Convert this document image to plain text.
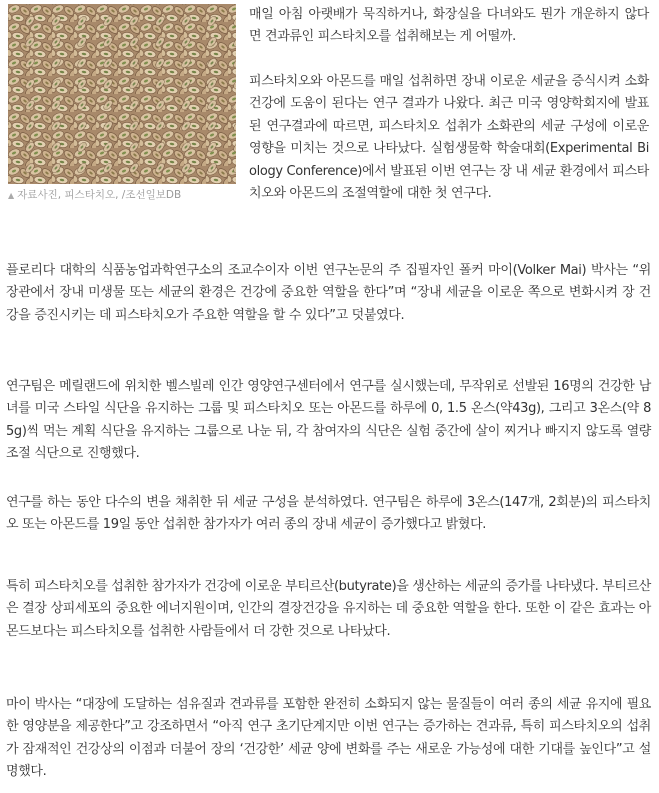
▲ 자료사진, 피스타치오, /조선일보DB

매일 아침 아랫배가 묵직하거나, 화장실을 다녀와도 뭔가 개운하지 않다면 견과류인 피스타치오를 섭취해보는 게 어떨까.

피스타치오와 아몬드를 매일 섭취하면 장내 이로운 세균을 증식시켜 소화 건강에 도움이 된다는 연구 결과가 나왔다. 최근 미국 영양학회지에 발표된 연구결과에 따르면, 피스타치오 섭취가 소화관의 세균 구성에 이로운 영향을 미치는 것으로 나타났다. 실험생물학 학술대회(Experimental Biology Conference)에서 발표된 이번 연구는 장 내 세균 환경에서 피스타치오와 아몬드의 조절역할에 대한 첫 연구다.

플로리다 대학의 식품농업과학연구소의 조교수이자 이번 연구논문의 주 집필자인 폴커 마이(Volker Mai) 박사는 “위장관에서 장내 미생물 또는 세균의 환경은 건강에 중요한 역할을 한다”며 “장내 세균을 이로운 쪽으로 변화시켜 장 건강을 증진시키는 데 피스타치오가 주요한 역할을 할 수 있다”고 덧붙였다.

연구팀은 메릴랜드에 위치한 벨스빌레 인간 영양연구센터에서 연구를 실시했는데, 무작위로 선발된 16명의 건강한 남녀를 미국 스타일 식단을 유지하는 그룹 및 피스타치오 또는 아몬드를 하루에 0, 1.5 온스(약43g), 그리고 3온스(약 85g)씩 먹는 계획 식단을 유지하는 그룹으로 나눈 뒤, 각 참여자의 식단은 실험 중간에 살이 찌거나 빠지지 않도록 열량 조절 식단으로 진행했다.

연구를 하는 동안 다수의 변을 채취한 뒤 세균 구성을 분석하였다. 연구팀은 하루에 3온스(147개, 2회분)의 피스타치오 또는 아몬드를 19일 동안 섭취한 참가자가 여러 종의 장내 세균이 증가했다고 밝혔다.

특히 피스타치오를 섭취한 참가자가 건강에 이로운 부티르산(butyrate)을 생산하는 세균의 증가를 나타냈다. 부티르산은 결장 상피세포의 중요한 에너지원이며, 인간의 결장건강을 유지하는 데 중요한 역할을 한다. 또한 이 같은 효과는 아몬드보다는 피스타치오를 섭취한 사람들에서 더 강한 것으로 나타났다.

마이 박사는 “대장에 도달하는 섬유질과 견과류를 포함한 완전히 소화되지 않는 물질들이 여러 종의 세균 유지에 필요한 영양분을 제공한다”고 강조하면서 “아직 연구 초기단계지만 이번 연구는 증가하는 견과류, 특히 피스타치오의 섭취가 잠재적인 건강상의 이점과 더불어 장의 ‘건강한’ 세균 양에 변화를 주는 새로운 가능성에 대한 기대를 높인다”고 설명했다.
